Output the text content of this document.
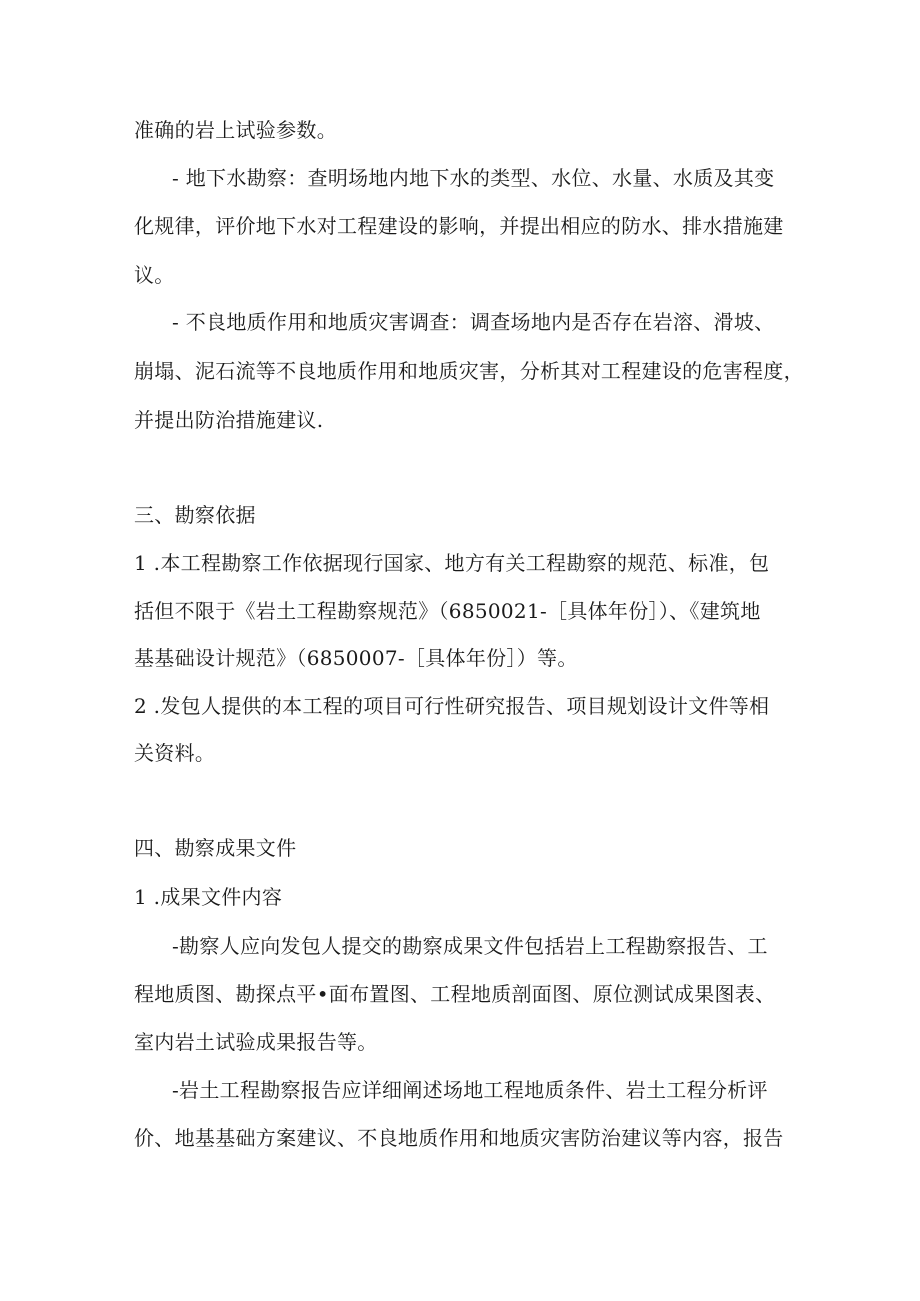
准确的岩上试验参数。
- 地下水勘察：查明场地内地下水的类型、水位、水量、水质及其变
化规律，评价地下水对工程建设的影响，并提出相应的防水、排水措施建
议。
- 不良地质作用和地质灾害调查：调查场地内是否存在岩溶、滑坡、
崩塌、泥石流等不良地质作用和地质灾害，分析其对工程建设的危害程度，
并提出防治措施建议.
三、勘察依据
1 .本工程勘察工作依据现行国家、地方有关工程勘察的规范、标准，包
括但不限于《岩土工程勘察规范》（6850021-［具体年份］）、《建筑地
基基础设计规范》（6850007-［具体年份］）等。
2 .发包人提供的本工程的项目可行性研究报告、项目规划设计文件等相
关资料。
四、勘察成果文件
1 .成果文件内容
-勘察人应向发包人提交的勘察成果文件包括岩上工程勘察报告、工
程地质图、勘探点平•面布置图、工程地质剖面图、原位测试成果图表、
室内岩土试验成果报告等。
-岩土工程勘察报告应详细阐述场地工程地质条件、岩土工程分析评
价、地基基础方案建议、不良地质作用和地质灾害防治建议等内容，报告
